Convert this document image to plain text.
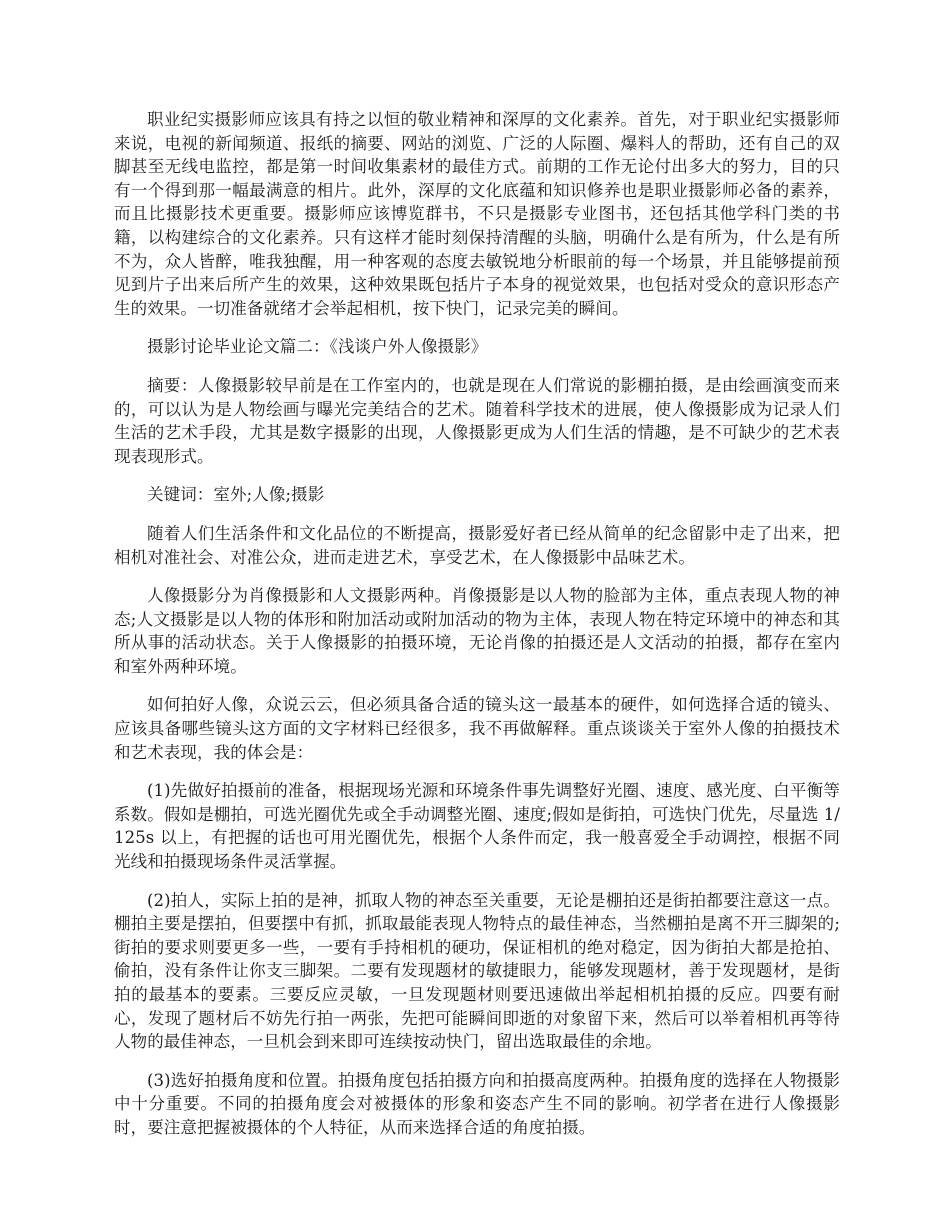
职业纪实摄影师应该具有持之以恒的敬业精神和深厚的文化素养。首先，对于职业纪实摄影师来说，电视的新闻频道、报纸的摘要、网站的浏览、广泛的人际圈、爆料人的帮助，还有自己的双脚甚至无线电监控，都是第一时间收集素材的最佳方式。前期的工作无论付出多大的努力，目的只有一个得到那一幅最满意的相片。此外，深厚的文化底蕴和知识修养也是职业摄影师必备的素养，而且比摄影技术更重要。摄影师应该博览群书，不只是摄影专业图书，还包括其他学科门类的书籍，以构建综合的文化素养。只有这样才能时刻保持清醒的头脑，明确什么是有所为，什么是有所不为，众人皆醉，唯我独醒，用一种客观的态度去敏锐地分析眼前的每一个场景，并且能够提前预见到片子出来后所产生的效果，这种效果既包括片子本身的视觉效果，也包括对受众的意识形态产生的效果。一切准备就绪才会举起相机，按下快门，记录完美的瞬间。

摄影讨论毕业论文篇二：《浅谈户外人像摄影》

摘要：人像摄影较早前是在工作室内的，也就是现在人们常说的影棚拍摄，是由绘画演变而来的，可以认为是人物绘画与曝光完美结合的艺术。随着科学技术的进展，使人像摄影成为记录人们生活的艺术手段，尤其是数字摄影的出现，人像摄影更成为人们生活的情趣，是不可缺少的艺术表现表现形式。

关键词：室外;人像;摄影

随着人们生活条件和文化品位的不断提高，摄影爱好者已经从简单的纪念留影中走了出来，把相机对准社会、对准公众，进而走进艺术，享受艺术，在人像摄影中品味艺术。

人像摄影分为肖像摄影和人文摄影两种。肖像摄影是以人物的脸部为主体，重点表现人物的神态;人文摄影是以人物的体形和附加活动或附加活动的物为主体，表现人物在特定环境中的神态和其所从事的活动状态。关于人像摄影的拍摄环境，无论肖像的拍摄还是人文活动的拍摄，都存在室内和室外两种环境。

如何拍好人像，众说云云，但必须具备合适的镜头这一最基本的硬件，如何选择合适的镜头、应该具备哪些镜头这方面的文字材料已经很多，我不再做解释。重点谈谈关于室外人像的拍摄技术和艺术表现，我的体会是：

(1)先做好拍摄前的准备，根据现场光源和环境条件事先调整好光圈、速度、感光度、白平衡等系数。假如是棚拍，可选光圈优先或全手动调整光圈、速度;假如是街拍，可选快门优先，尽量选 1/125s 以上，有把握的话也可用光圈优先，根据个人条件而定，我一般喜爱全手动调控，根据不同光线和拍摄现场条件灵活掌握。

(2)拍人，实际上拍的是神，抓取人物的神态至关重要，无论是棚拍还是街拍都要注意这一点。棚拍主要是摆拍，但要摆中有抓，抓取最能表现人物特点的最佳神态，当然棚拍是离不开三脚架的;街拍的要求则要更多一些，一要有手持相机的硬功，保证相机的绝对稳定，因为街拍大都是抢拍、偷拍，没有条件让你支三脚架。二要有发现题材的敏捷眼力，能够发现题材，善于发现题材，是街拍的最基本的要素。三要反应灵敏，一旦发现题材则要迅速做出举起相机拍摄的反应。四要有耐心，发现了题材后不妨先行拍一两张，先把可能瞬间即逝的对象留下来，然后可以举着相机再等待人物的最佳神态，一旦机会到来即可连续按动快门，留出选取最佳的余地。

(3)选好拍摄角度和位置。拍摄角度包括拍摄方向和拍摄高度两种。拍摄角度的选择在人物摄影中十分重要。不同的拍摄角度会对被摄体的形象和姿态产生不同的影响。初学者在进行人像摄影时，要注意把握被摄体的个人特征，从而来选择合适的角度拍摄。
